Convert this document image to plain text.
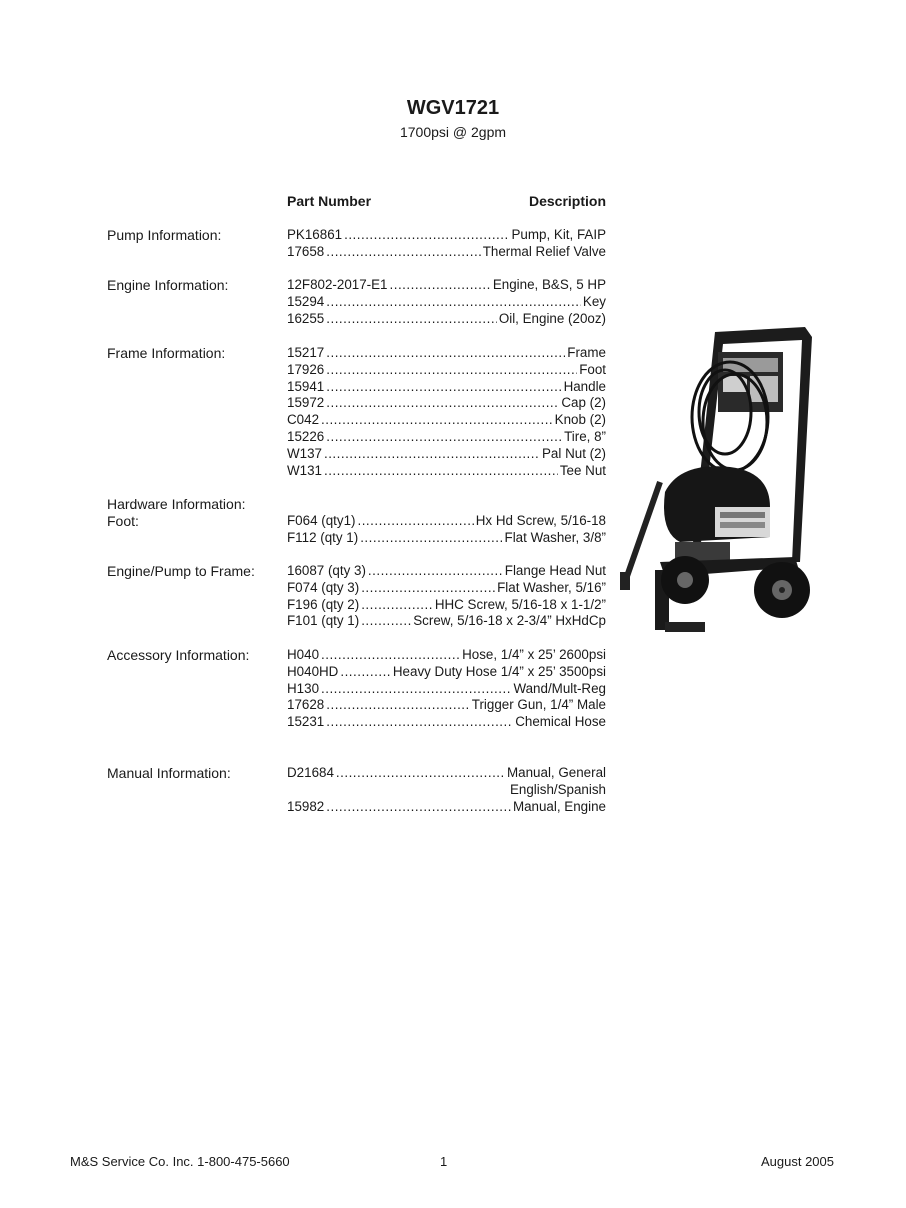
WGV1721
1700psi @ 2gpm
Part Number	Description
Pump Information:	PK16861 .....	Pump, Kit, FAIP
17658 .....	Thermal Relief Valve
Engine Information:	12F802-2017-E1 .....	Engine, B&S, 5 HP
15294 .....	Key
16255 .....	Oil, Engine (20oz)
Frame Information:	15217 .....	Frame
17926 .....	Foot
15941 .....	Handle
15972 .....	Cap (2)
C042 .....	Knob (2)
15226 .....	Tire, 8”
W137 .....	Pal Nut (2)
W131 .....	Tee Nut
Hardware Information:
Foot:	F064 (qty1) .....	Hx Hd Screw, 5/16-18
F112 (qty 1) .....	Flat Washer, 3/8”
Engine/Pump to Frame: 16087 (qty 3) .....	Flange Head Nut
F074 (qty 3) .....	Flat Washer, 5/16”
F196 (qty 2) .....	HHC Screw, 5/16-18 x 1-1/2”
F101 (qty 1) .....	Screw, 5/16-18 x 2-3/4” HxHdCp
Accessory Information:	H040 .....	Hose, 1/4” x 25’ 2600psi
H040HD .....	Heavy Duty Hose 1/4” x 25’ 3500psi
H130 .....	Wand/Mult-Reg
17628 .....	Trigger Gun, 1/4” Male
15231 .....	Chemical Hose
Manual Information:	D21684 .....	Manual, General
English/Spanish
15982 .....	Manual, Engine
M&S Service Co. Inc. 1-800-475-5660	1	August 2005
